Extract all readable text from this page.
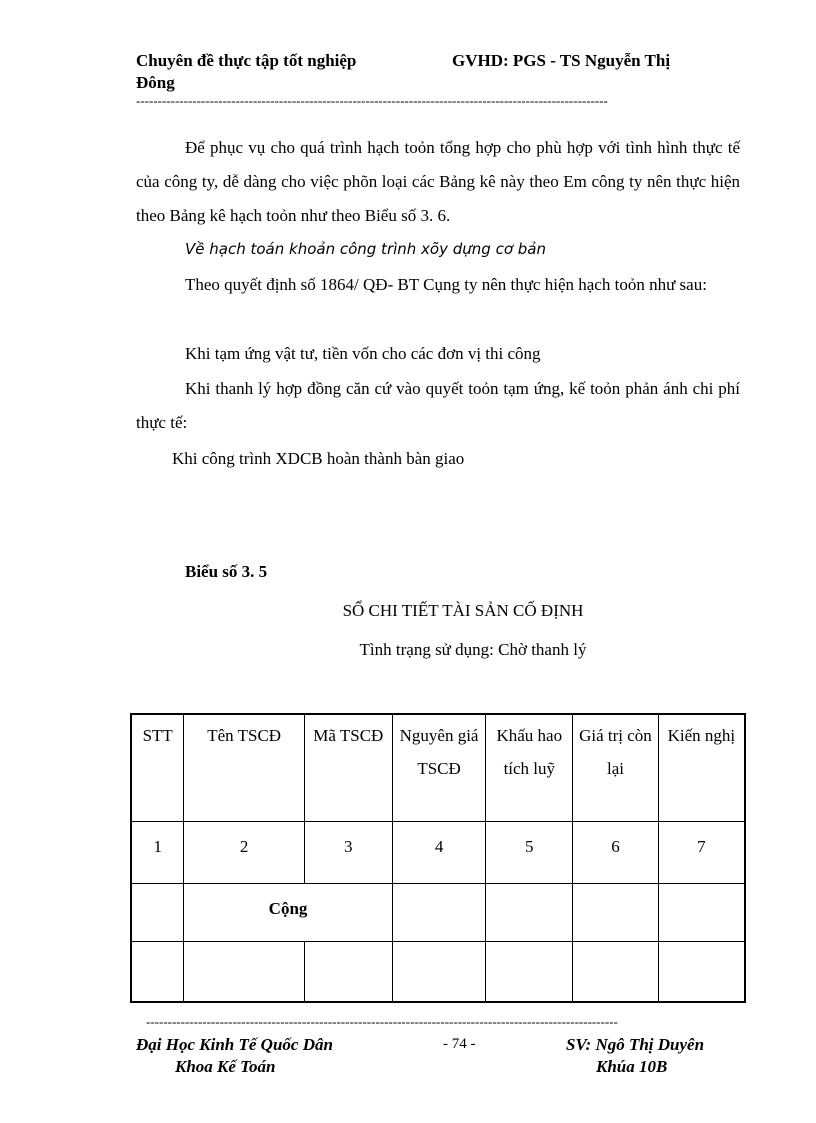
Chuyên đề thực tập tốt nghiệp	GVHD: PGS - TS Nguyễn Thị
Đông
-------------------------------------------------------------------------------------------------------------
Để phục vụ cho quá trình hạch toỏn tổng hợp cho phù hợp với tình hình thực tế của công ty, dễ dàng cho việc phõn loại các Bảng kê này theo Em công ty nên thực hiện theo Bảng kê hạch toỏn như theo Biểu số 3. 6.
Về hạch toán khoản công trình xõy dựng cơ bản
Theo quyết định số 1864/ QĐ- BT Cụng ty nên thực hiện hạch toỏn như sau:
Khi tạm ứng vật tư, tiền vốn cho các đơn vị thi công
Khi thanh lý hợp đồng căn cứ vào quyết toỏn tạm ứng, kế toỏn phản ánh chi phí thực tế:
Khi công trình XDCB hoàn thành bàn giao
Biểu số 3. 5
SỔ CHI TIẾT TÀI SẢN CỐ ĐỊNH
Tình trạng sử dụng: Chờ thanh lý
STT	Tên TSCĐ	Mã TSCĐ	Nguyên giá TSCĐ	Khấu hao tích luỹ	Giá trị còn lại	Kiến nghị
1	2	3	4	5	6	7
	Cộng					

-------------------------------------------------------------------------------------------------------------
Đại Học Kinh Tế Quốc Dân
Khoa Kế Toán
- 74 -	SV: Ngô Thị Duyên
Khúa 10B
